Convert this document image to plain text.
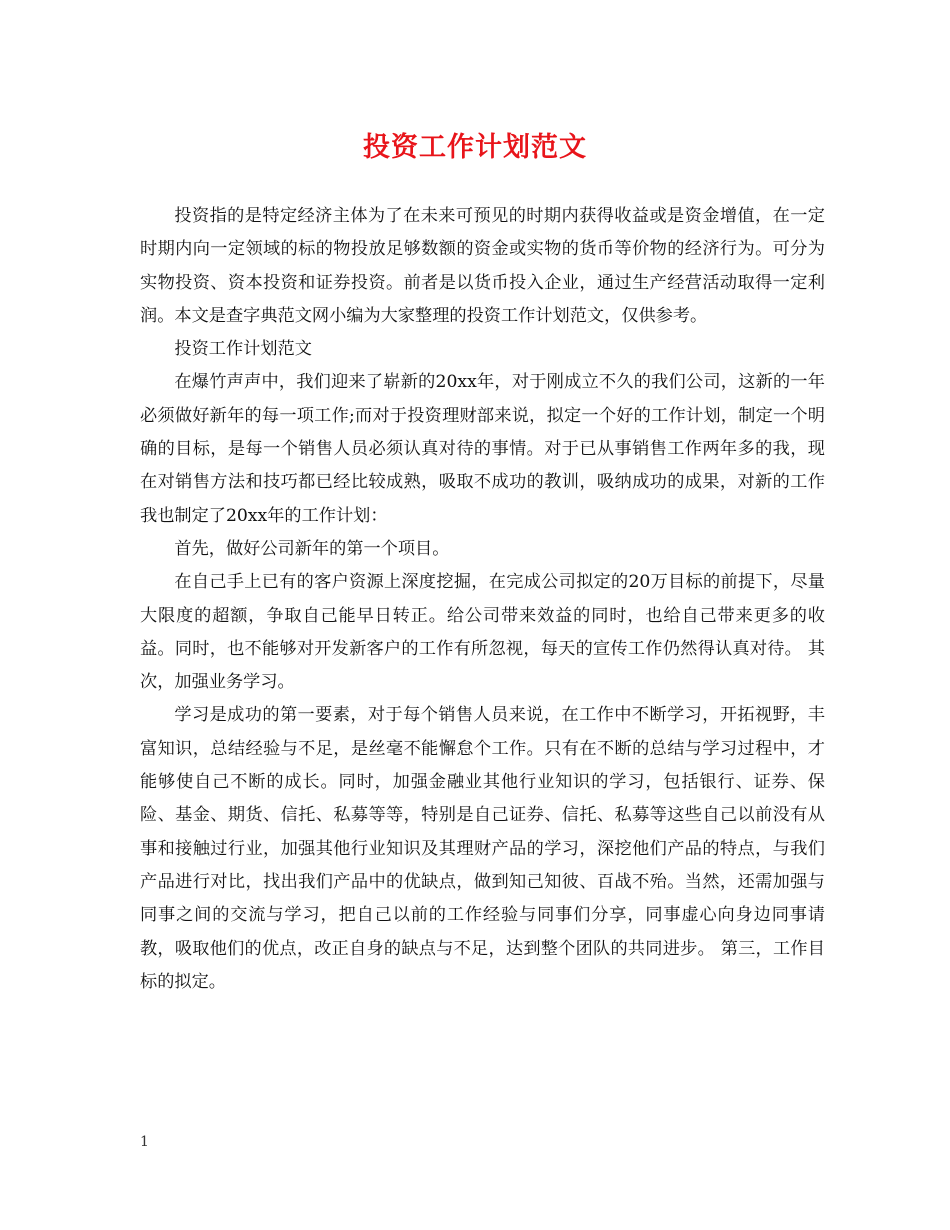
投资工作计划范文

投资指的是特定经济主体为了在未来可预见的时期内获得收益或是资金增值，在一定时期内向一定领域的标的物投放足够数额的资金或实物的货币等价物的经济行为。可分为实物投资、资本投资和证券投资。前者是以货币投入企业，通过生产经营活动取得一定利润。本文是查字典范文网小编为大家整理的投资工作计划范文，仅供参考。

投资工作计划范文

在爆竹声声中，我们迎来了崭新的20xx年，对于刚成立不久的我们公司，这新的一年必须做好新年的每一项工作;而对于投资理财部来说，拟定一个好的工作计划，制定一个明确的目标，是每一个销售人员必须认真对待的事情。对于已从事销售工作两年多的我，现在对销售方法和技巧都已经比较成熟，吸取不成功的教训，吸纳成功的成果，对新的工作我也制定了20xx年的工作计划：

首先，做好公司新年的第一个项目。

在自己手上已有的客户资源上深度挖掘，在完成公司拟定的20万目标的前提下，尽量大限度的超额，争取自己能早日转正。给公司带来效益的同时，也给自己带来更多的收益。同时，也不能够对开发新客户的工作有所忽视，每天的宣传工作仍然得认真对待。 其次，加强业务学习。

学习是成功的第一要素，对于每个销售人员来说，在工作中不断学习，开拓视野，丰富知识，总结经验与不足，是丝毫不能懈怠个工作。只有在不断的总结与学习过程中，才能够使自己不断的成长。同时，加强金融业其他行业知识的学习，包括银行、证券、保险、基金、期货、信托、私募等等，特别是自己证券、信托、私募等这些自己以前没有从事和接触过行业，加强其他行业知识及其理财产品的学习，深挖他们产品的特点，与我们产品进行对比，找出我们产品中的优缺点，做到知己知彼、百战不殆。当然，还需加强与同事之间的交流与学习，把自己以前的工作经验与同事们分享，同事虚心向身边同事请教，吸取他们的优点，改正自身的缺点与不足，达到整个团队的共同进步。 第三，工作目标的拟定。

1
